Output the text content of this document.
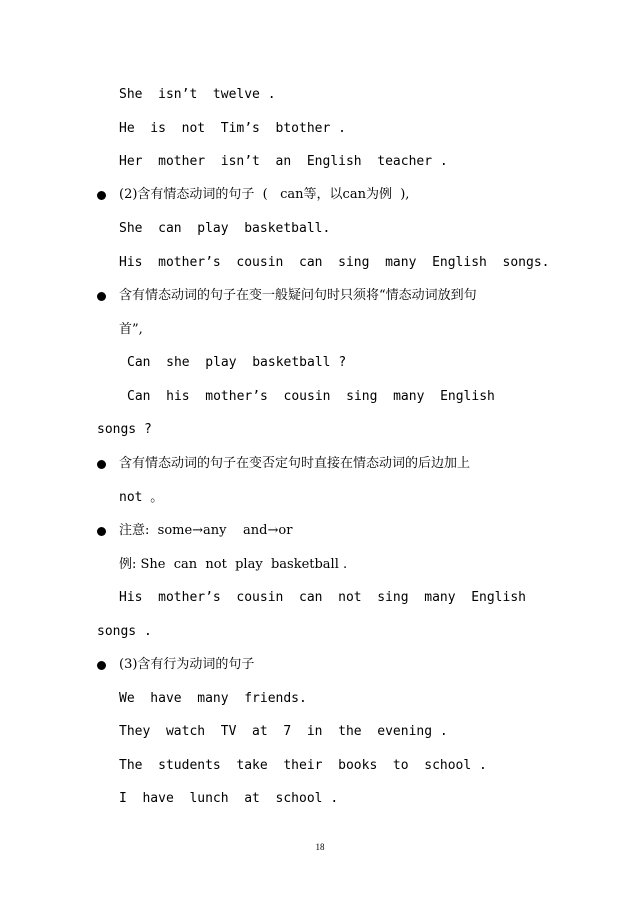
She  isn’t  twelve .
He  is  not  Tim’s  btother .
Her  mother  isn’t  an  English  teacher .
(2)含有情态动词的句子  (   can等，以can为例  ),
She  can  play  basketball.
His  mother’s  cousin  can  sing  many  English  songs.
含有情态动词的句子在变一般疑问句时只须将“情态动词放到句
首”,
Can  she  play  basketball ?
Can  his  mother’s  cousin  sing  many  English
songs ?
含有情态动词的句子在变否定句时直接在情态动词的后边加上
not 。
注意:  some→any    and→or
例: She  can  not  play  basketball .
His  mother’s  cousin  can  not  sing  many  English
songs .
(3)含有行为动词的句子
We  have  many  friends.
They  watch  TV  at  7  in  the  evening .
The  students  take  their  books  to  school .
I  have  lunch  at  school .
18
